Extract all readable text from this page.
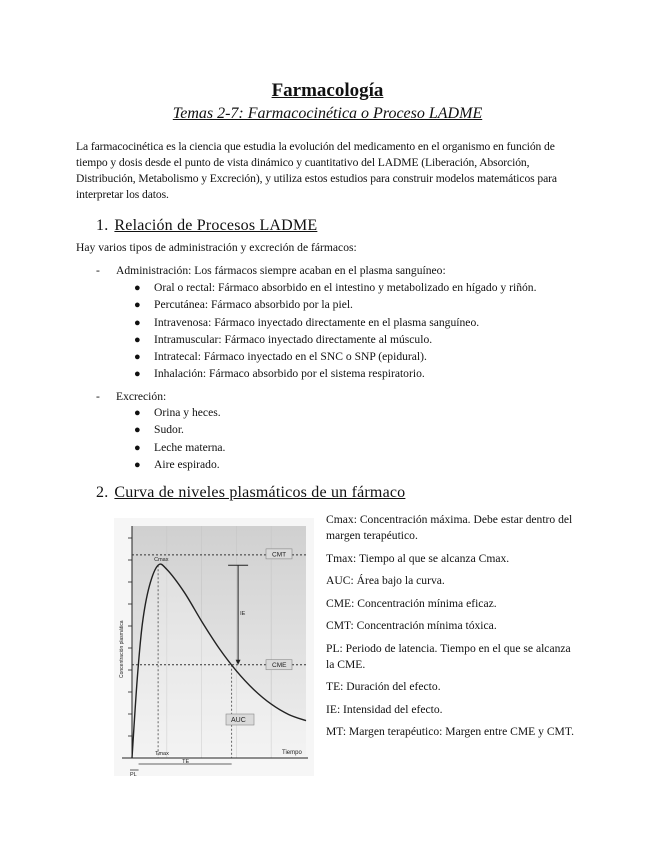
Farmacología
Temas 2-7: Farmacocinética o Proceso LADME

La farmacocinética es la ciencia que estudia la evolución del medicamento en el organismo en función de tiempo y dosis desde el punto de vista dinámico y cuantitativo del LADME (Liberación, Absorción, Distribución, Metabolismo y Excreción), y utiliza estos estudios para construir modelos matemáticos para interpretar los datos.

1. Relación de Procesos LADME

Hay varios tipos de administración y excreción de fármacos:

- Administración: Los fármacos siempre acaban en el plasma sanguíneo:
● Oral o rectal: Fármaco absorbido en el intestino y metabolizado en hígado y riñón.
● Percutánea: Fármaco absorbido por la piel.
● Intravenosa: Fármaco inyectado directamente en el plasma sanguíneo.
● Intramuscular: Fármaco inyectado directamente al músculo.
● Intratecal: Fármaco inyectado en el SNC o SNP (epidural).
● Inhalación: Fármaco absorbido por el sistema respiratorio.
- Excreción:
● Orina y heces.
● Sudor.
● Leche materna.
● Aire espirado.
2. Curva de niveles plasmáticos de un fármaco
CMT
CME
AUC
Cmax
Tmax
IE
TE
PL
Tiempo
Concentración plasmática
Cmax: Concentración máxima. Debe estar dentro del margen terapéutico.
Tmax: Tiempo al que se alcanza Cmax.
AUC: Área bajo la curva.
CME: Concentración mínima eficaz.
CMT: Concentración mínima tóxica.
PL: Periodo de latencia. Tiempo en el que se alcanza la CME.
TE: Duración del efecto.
IE: Intensidad del efecto.
MT: Margen terapéutico: Margen entre CME y CMT.
